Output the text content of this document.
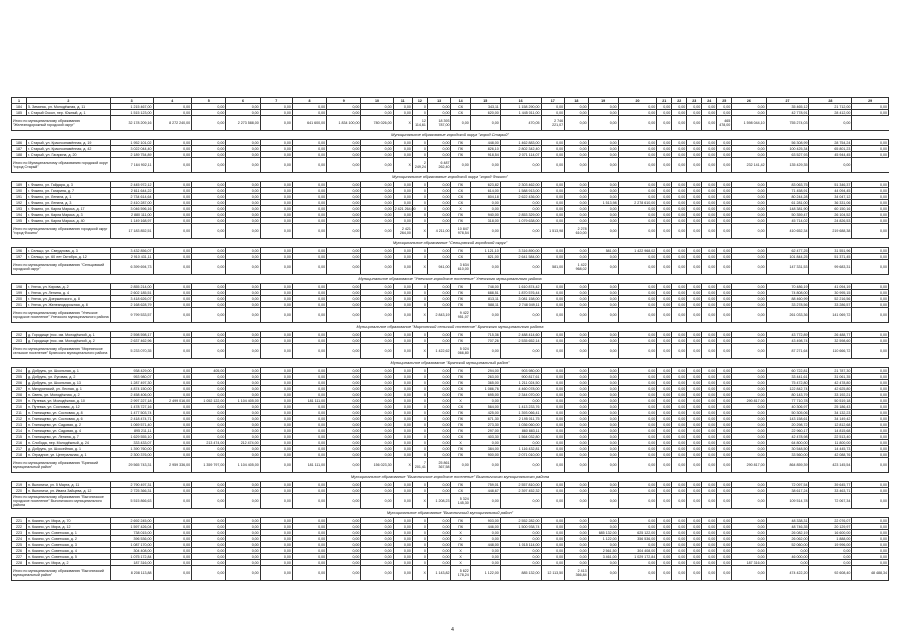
1	2	3	4	5	6	7	8	9	10	11	12	13	14	15	16	17	18	19	20	21	22	23	24	25	26	27	28	29
184	5. Зиминск, ул. Молодёжная, д. 11	1 215 467,00	0,00	0,00	0,00	0,00	0,00	0,00	0,00	0,00	0	0,00	СК	343,11	1 158 290,00	0,00	0,00	0,00	0,00	0,00	0,00	0,00	0,00	0,00	0,00	35 465,12	21 712,00	0,00
185	г. Старый Оскол, пер. Южный, д. 1	1 515 123,00	0,00	0,00	0,00	0,00	0,00	0,00	0,00	0,00	0	0,00	СК	620,00	1 445 011,00	0,00	0,00	0,00	0,00	0,00	0,00	0,00	0,00	0,00	0,00	42 778,91	28 412,00	0,00
Итого по муниципальному образованию "Железнодорожный городской округ"		32 178 209,16	8 272 240,00	0,00	2 273 588,00	0,00	641 600,00	1 834 100,00	780 026,00	X	12 114,61	18 393 787,00	0,00	0,00	470,05	2 746 221,07	0,00	0,00	0,00	0,00	0,00	0,00	0,00	465 478,00	1 598 044,10	755 274,03	0,00	
Муниципальное образование городской округ "город Старый"																												
186	г. Старый, ул. Краснознамённая, д. 19	1 952 101,02	0,00	0,00	0,00	0,00	0,00	0,00	0,00	0,00	0	0,00	ПК	448,00	1 462 883,00	0,00	0,00	0,00	0,00	0,00	0,00	0,00	0,00	0,00	0,00	56 308,99	28 754,24	0,00
187	г. Старый, ул. Краснознамённая, д. 42	3 022 044,40	0,00	0,00	0,00	0,00	0,00	0,00	0,00	0,00	0	0,00	ПК	826,10	2 802 342,40	0,00	0,00	0,00	0,00	0,00	0,00	0,00	0,00	0,00	0,00	100 425,34	65 801,23	0,00
188	г. Старый, ул. Гагарина, д. 20	2 189 754,89	0,00	0,00	0,00	0,00	0,00	0,00	0,00	0,00	0	0,00	ПК	918,54	2 071 114,07	0,00	0,00	0,00	0,00	0,00	0,00	0,00	0,00	0,00	0,00	63 527,93	45 944,45	0,00
Итого по Муниципальному образованию городской округ "город Старый"		7 164 902,11	0,00	0,00	0,00	0,00	0,00	0,00	0,00	X	2 249,24	6 487 262,40	0,00	0,00	0,00	0,00	0,00	0,00	0,00	0,00	0,00	0,00	0,00	0,00	232 141,42	135 429,35	0,00	
Муниципальное образование городской округ "город Фокино"																												
189	г. Фокино, ул. Гайдара, д. 3	2 445 972,12	0,00	0,00	0,00	0,00	0,00	0,00	0,00	0,00	0	0,00	ПК	623,82	2 303 462,00	0,00	0,00	0,00	0,00	0,00	0,00	0,00	0,00	0,00	0,00	83 063,75	51 346,37	0,00
190	г. Фокино, ул. Гагарина, д. 7	2 611 644,22	0,00	0,00	0,00	0,00	0,00	0,00	0,00	0,00	0	0,00	СК	614,00	1 588 913,00	0,00	0,00	0,00	0,00	0,00	0,00	0,00	0,00	0,00	0,00	71 458,91	44 094,45	0,00
191	г. Фокино, ул. Ленина, д. 1	2 734 614,64	0,00	0,00	0,00	0,00	0,00	0,00	0,00	0,00	0	0,00	СК	804,18	2 622 436,00	0,00	0,00	0,00	0,00	0,00	0,00	0,00	0,00	0,00	0,00	80 244,28	34 047,12	0,00
192	г. Фокино, ул. Ленина, д. 3	2 410 287,00	0,00	0,00	0,00	0,00	0,00	0,00	0,00	0,00	0	0,00	СК	0,00	0,00	0,00	0,00	1 513,98	2 278 610,00	0,00	0,00	0,00	0,00	0,00	0,00	61 281,00	36 331,06	0,00
193	г. Фокино, ул. Карла Маркса, д. 17	3 046 596,16	0,00	0,00	0,00	0,00	0,00	0,00	0,00	2 421 264,00	0	0,00	X	0,00	0,00	0,00	0,00	0,00	0,00	0,00	0,00	0,00	0,00	0,00	0,00	148 381,90	60 150,16	0,00
194	г. Фокино, ул. Карла Маркса, д. 3	2 880 111,00	0,00	0,00	0,00	0,00	0,00	0,00	0,00	0,00	0	0,00	ПК	940,00	2 853 329,00	0,00	0,00	0,00	0,00	0,00	0,00	0,00	0,00	0,00	0,00	50 359,47	26 104,52	0,00
195	г. Фокино, ул. Карла Маркса, д. 40	1 149 168,97	0,00	0,00	0,00	0,00	0,00	0,00	0,00	0,00	0	0,00	ПК	318,00	1 079 638,00	0,00	0,00	0,00	0,00	0,00	0,00	0,00	0,00	0,00	0,00	45 714,02	24 826,53	0,00
Итого по муниципальному образованию городской округ "город Фокино"		17 183 852,51	0,00	0,00	0,00	0,00	0,00	0,00	0,00	2 421 264,00	X	4 211,00	10 847 978,54	0,00	0,00	1 513,98	2 278 610,00	0,00	0,00	0,00	0,00	0,00	0,00	0,00	0,00	410 652,34	219 688,38	0,00
Муниципальное образование "Сельцовский городской округ"																												
196	г. Сельцо, ул. Свердлова, д. 3	3 432 856,07	0,00	0,00	0,00	0,00	0,00	0,00	0,00	0,00	0	0,00	ПК	1 121,10	3 316 890,00	0,00	0,00	581,00	1 422 968,02	0,00	0,00	0,00	0,00	0,00	0,00	62 477,25	31 551,96	0,00
197	г. Сельцо, ул. 60 лет Октября, д. 12	2 910 431,11	0,00	0,00	0,00	0,00	0,00	0,00	0,00	0,00	0	0,00	СК	821,00	2 641 584,00	0,00	0,00	0,00	0,00	0,00	0,00	0,00	0,00	0,00	0,00	101 844,25	51 371,45	0,00
Итого по муниципальному образованию "Сельцовский городской округ"		6 399 694,73	0,00	0,00	0,00	0,00	0,00	0,00	0,00	0,00	X	941,00	3 634 610,00	0,00	0,00	581,00	1 422 968,02	0,00	0,00	0,00	0,00	0,00	0,00	0,00	0,00	147 331,53	99 683,31	0,00
Муниципальное образование "Унечское городское поселение" Унечского муниципального района																												
198	г. Унеча, ул. Кирова, д. 2	2 855 214,00	0,00	0,00	0,00	0,00	0,00	0,00	0,00	0,00	0	0,00	ПК	748,00	1 610 874,42	0,00	0,00	0,00	0,00	0,00	0,00	0,00	0,00	0,00	0,00	70 486,19	41 094,19	0,00
199	г. Унеча, ул. Ленина, д. 4	2 602 185,51	0,00	0,00	0,00	0,00	0,00	0,00	0,00	0,00	0	0,00	ПК	688,51	1 870 576,44	0,00	0,00	0,00	0,00	0,00	0,00	0,00	0,00	0,00	0,00	74 808,00	30 995,15	0,00
200	г. Унеча, ул. Дзержинского, д. 8	3 418 626,07	0,00	0,00	0,00	0,00	0,00	0,00	0,00	0,00	0	0,00	ПК	813,11	3 081 158,00	0,00	0,00	0,00	0,00	0,00	0,00	0,00	0,00	0,00	0,00	88 460,99	52 216,56	0,00
201	г. Унеча, ул. Железнодорожная, д. 8	2 168 628,79	0,00	0,00	0,00	0,00	0,00	0,00	0,00	0,00	0	0,00	ПК	588,11	2 748 049,11	0,00	0,00	0,00	0,00	0,00	0,00	0,00	0,00	0,00	0,00	33 278,56	33 286,57	0,00
Итого по муниципальному образованию "Унечское городское поселение" Унечского муниципального района		9 799 533,57	0,00	0,00	0,00	0,00	0,00	0,00	0,00	0,00	X	2 843,19	9 422 951,07	0,00	0,00	0,00	0,00	0,00	0,00	0,00	0,00	0,00	0,00	0,00	0,00	261 033,36	141 069,72	0,00
Муниципальное образование "Мирнинский сельский поселение" Брянского муниципального района																												
202	д. Городище (пос. им. Молодёжной, д. 1	2 598 598,17	0,00	0,00	0,00	0,00	0,00	0,00	0,00	0,00	0	0,00	ПК	715,36	2 488 414,60	0,00	0,00	0,00	0,00	0,00	0,00	0,00	0,00	0,00	0,00	43 772,89	26 488,77	0,00
203	д. Городище (пос. им. Молодёжной, д. 2	2 637 462,96	0,00	0,00	0,00	0,00	0,00	0,00	0,00	0,00	0	0,00	ПК	707,26	2 535 652,14	0,00	0,00	0,00	0,00	0,00	0,00	0,00	0,00	0,00	0,00	43 498,74	32 598,60	0,00
Итого по муниципальному образованию "Мирнинское сельское поселение" Брянского муниципального района		5 233 070,35	0,00	0,00	0,00	0,00	0,00	0,00	0,00	0,00	X	1 422,62	5 024 066,80	0,00	0,00	0,00	0,00	0,00	0,00	0,00	0,00	0,00	0,00	0,00	0,00	87 271,64	110 666,72	0,00
Муниципальное образование "Брянский муниципальный район"																												
204	д. Добрунь, ул. Школьная, д. 1	938 429,00	0,00	405,00	0,00	0,00	0,00	0,00	0,00	0,00	0	0,00	ПК	294,00	903 980,00	0,00	0,00	0,00	0,00	0,00	0,00	0,00	0,00	0,00	0,00	60 722,81	21 787,30	0,00
205	д. Добрунь, ул. Луговая, д. 2	953 980,07	0,00	0,00	0,00	0,00	0,00	0,00	0,00	0,00	0	0,00	ПК	263,00	900 817,61	0,00	0,00	0,00	0,00	0,00	0,00	0,00	0,00	0,00	0,00	33 441,61	31 061,35	0,00
206	д. Добрунь, ул. Школьная, д. 13	1 287 497,30	0,00	0,00	0,00	0,00	0,00	0,00	0,00	0,00	0	0,00	ПК	365,00	1 211 024,50	0,00	0,00	0,00	0,00	0,00	0,00	0,00	0,00	0,00	0,00	75 472,80	42 478,80	0,00
207	п. Мичуринский, ул. Лесная, д. 1	4 874 150,00	0,00	0,00	0,00	0,00	0,00	0,00	0,00	0,00	0	0,00	СК	1 086,76	4 460 078,00	0,00	0,00	0,00	0,00	0,00	0,00	0,00	0,00	0,00	0,00	122 842,74	42 625,80	0,00
208	п. Свень, ул. Молодёжная, д. 2	2 458 406,00	0,00	0,00	0,00	0,00	0,00	0,00	0,00	0,00	0	0,00	ПК	695,00	2 344 070,00	0,00	0,00	0,00	0,00	0,00	0,00	0,00	0,00	0,00	0,00	80 143,79	33 192,21	0,00
209	п. Путевка, ул. Молодёжная, д. 10	2 997 227,18	2 499 016,00	1 052 122,00	1 104 405,00	0,00	181 111,00	0,00	0,00	0,00	0	0,00	X	0,00	0,00	0,00	0,00	0,00	0,00	0,00	0,00	0,00	0,00	0,00	290 817,00	77 710,78	50 519,18	0,00
210	п. Путевка, ул. Сосновая, д. 12	1 478 727,16	0,00	0,00	0,00	0,00	0,00	0,00	0,00	0,00	0	0,00	СК	564,00	1 413 233,76	0,00	0,00	0,00	0,00	0,00	0,00	0,00	0,00	0,00	0,00	40 306,97	25 186,43	0,00
211	п. Глинищево, ул. Сосновая, д. 8	1 477 503,74	0,00	0,00	0,00	0,00	0,00	0,00	0,00	0,00	0	0,00	ПК	425,00	1 393 066,41	0,00	0,00	0,00	0,00	0,00	0,00	0,00	0,00	0,00	0,00	50 305,06	34 132,23	0,00
212	п. Глинищево, ул. Сосновая, д. 6	2 418 474,71	0,00	0,00	0,00	0,00	0,00	0,00	0,00	0,00	0	0,00	ПК	671,30	2 195 011,75	0,00	0,00	0,00	0,00	0,00	0,00	0,00	0,00	0,00	0,00	143 158,61	34 149,42	0,00
213	п. Глинищево, ул. Садовая, д. 2	1 069 571,40	0,00	0,00	0,00	0,00	0,00	0,00	0,00	0,00	0	0,00	ПК	273,30	1 036 060,00	0,00	0,00	0,00	0,00	0,00	0,00	0,00	0,00	0,00	0,00	20 298,72	12 812,68	0,00
214	п. Глинищево, ул. Садовая, д. 4	895 211,11	0,00	0,00	0,00	0,00	0,00	0,00	0,00	0,00	0	0,00	ПК	297,00	860 883,11	0,00	0,00	0,00	0,00	0,00	0,00	0,00	0,00	0,00	0,00	22 960,17	14 815,68	0,00
215	п. Глинищево, ул. Ленина, д. 7	1 629 555,10	0,00	0,00	0,00	0,00	0,00	0,00	0,00	0,00	0	0,00	СК	403,30	1 564 032,80	0,00	0,00	0,00	0,00	0,00	0,00	0,00	0,00	0,00	0,00	42 478,98	22 513,40	0,00
216	п. Слобода, пер. Молодёжный, д. 24	333 433,07	0,00	213 474,00	212 474,00	0,00	0,00	0,00	0,00	0,00	0	0,00	X	0,00	0,00	0,00	0,00	0,00	0,00	0,00	0,00	0,00	0,00	0,00	0,00	64 800,00	11 800,00	0,00
217	д. Добрунь, ул. Шоссейная, д. 1	1 390 760,00	0,00	0,00	0,00	0,00	0,00	0,00	0,00	0,00	0	0,00	ПК	384,00	1 116 432,81	0,00	0,00	0,00	0,00	0,00	0,00	0,00	0,00	0,00	0,00	30 548,50	14 445,73	0,00
218	п. Отрадное, ул. Центральная, д. 1	2 300 376,00	0,00	0,00	0,00	0,00	0,00	0,00	0,00	0,00	0	0,00	ПК	900,00	2 071 010,00	0,00	0,00	0,00	0,00	0,00	0,00	0,00	0,00	0,00	0,00	33 560,00	42 088,76	0,00
Итого по муниципальному образованию "Брянский муниципальный район"		29 565 743,31	2 959 336,00	1 359 797,00	1 104 405,00	0,00	181 111,00	0,00	156 023,30	X	7 201,41	25 861 367,58	0,00	0,00	0,00	0,00	0,00	0,00	0,00	0,00	0,00	0,00	0,00	0,00	290 817,00	864 859,39	423 145,54	0,00
Муниципальное образование "Выгоничское городское поселение" Выгоничского муниципального района																												
219	п. Выгоничи, ул. 5 Марта, д. 11	2 790 497,31	0,00	0,00	0,00	0,00	0,00	0,00	0,00	0,00	0	0,00	ПК	759,01	2 557 810,00	0,00	0,00	0,00	0,00	0,00	0,00	0,00	0,00	0,00	0,00	72 097,54	39 645,77	0,00
220	п. Выгоничи, ул. Ивана Зайцева, д. 12	2 725 366,31	0,00	0,00	0,00	0,00	0,00	0,00	0,00	0,00	0	0,00	СК	448,67	2 397 452,32	0,00	0,00	0,00	0,00	0,00	0,00	0,00	0,00	0,00	0,00	38 617,24	33 463,71	0,00
Итого по муниципальному образованию "Выгоничское городское поселение" Выгоничского муниципального района		5 515 866,63	0,00	0,00	0,00	0,00	0,00	0,00	0,00	0,00	X	1 208,23	5 324 145,30	0,00	0,00	0,00	0,00	0,00	0,00	0,00	0,00	0,00	0,00	0,00	0,00	109 514,78	72 067,34	0,00
Муниципальное образование "Выгоничский муниципальный район"																												
221	п. Кокино, ул. Мира, д. 70	2 692 245,00	0,00	0,00	0,00	0,00	0,00	0,00	0,00	0,00	0	0,00	ПК	903,00	2 552 282,00	0,00	0,00	0,00	0,00	0,00	0,00	0,00	0,00	0,00	0,00	48 338,31	22 076,07	0,00
222	п. Кокино, ул. Мира, д. 12	1 597 426,04	0,00	0,00	0,00	0,00	0,00	0,00	0,00	0,00	0	0,00	ПК	446,00	1 500 938,74	0,00	0,00	0,00	0,00	0,00	0,00	0,00	0,00	0,00	0,00	48 746,35	20 129,97	0,00
223	п. Кокино, ул. Советская, д. 1	738 015,00	0,00	0,00	0,00	0,00	0,00	0,00	0,00	0,00	0	0,00	X	0,00	0,00	0,00	0,00	685 132,00	625 122,00	0,00	0,00	0,00	0,00	0,00	0,00	26 082,19	16 600,00	0,00
224	п. Кокино, ул. Советская, д. 2	396 536,00	0,00	0,00	0,00	0,00	0,00	0,00	0,00	0,00	0	0,00	X	0,00	0,00	0,00	0,00	1 122,00	356 536,00	0,00	0,00	0,00	0,00	0,00	0,00	26 062,00	1 888,00	0,00
225	п. Кокино, ул. Советская, д. 3	1 087 170,00	0,00	0,00	0,00	0,00	0,00	0,00	0,00	0,00	0	0,00	ПК	448,00	1 015 114,00	0,00	0,00	0,00	0,00	0,00	0,00	0,00	0,00	0,00	0,00	52 060,00	19 996,00	0,00
226	п. Кокино, ул. Советская, д. 4	304 408,00	0,00	0,00	0,00	0,00	0,00	0,00	0,00	0,00	0	0,00	X	0,00	0,00	0,00	0,00	2 561,50	304 408,00	0,00	0,00	0,00	0,00	0,00	0,00	0,00	0,00	0,00
227	п. Кокино, ул. Советская, д. 5	1 075 172,84	0,00	0,00	0,00	0,00	0,00	0,00	0,00	0,00	0	0,00	X	0,00	0,00	0,00	0,00	3 461,00	1 029 172,84	0,00	0,00	0,00	0,00	0,00	0,00	46 000,00	0,00	0,00
228	п. Кокино, ул. Мира, д. 2	187 316,00	0,00	0,00	0,00	0,00	0,00	0,00	0,00	0,00	0	0,00	X	0,00	0,00	0,00	0,00	0,00	0,00	0,00	0,00	0,00	0,00	0,00	187 316,00	0,00	0,00	0,00
Итого по муниципальному образованию "Выгоничский муниципальный район"		8 208 113,88	0,00	0,00	0,00	0,00	0,00	0,00	0,00	0,00	X	1 143,82	5 622 178,24	1 122,00	885 132,00	12 113,50	2 413 366,84	0,00	0,00	0,00	0,00	0,00	0,00	0,00	0,00	474 422,20	92 608,40	48 488,34
4
